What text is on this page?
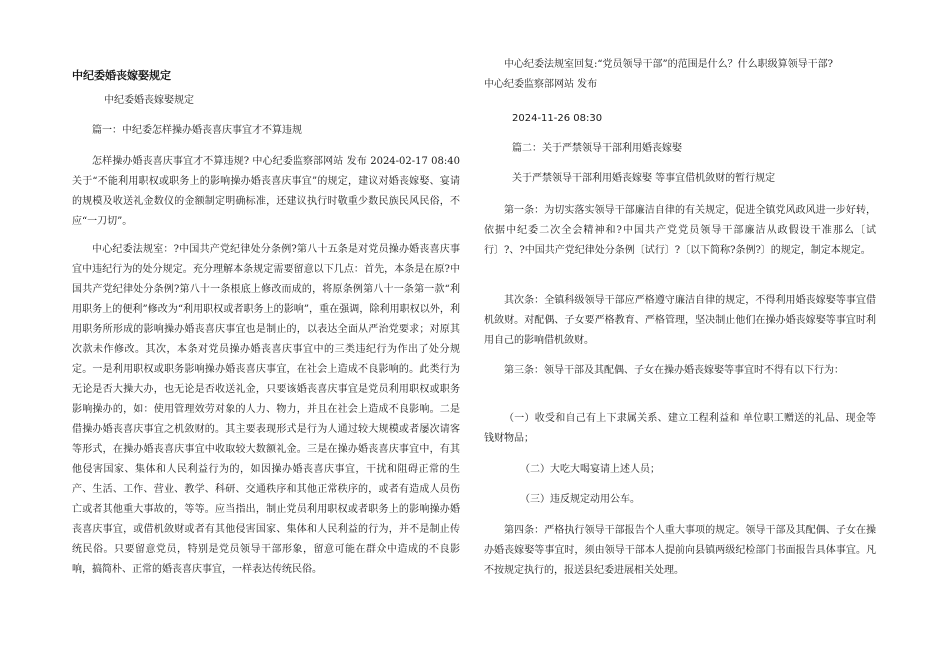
中纪委婚丧嫁娶规定
中纪委婚丧嫁娶规定

篇一：中纪委怎样操办婚丧喜庆事宜才不算违规

怎样操办婚丧喜庆事宜才不算违规? 中心纪委监察部网站 发布 2024-02-17 08:40 关于“不能利用职权或职务上的影响操办婚丧喜庆事宜”的规定，建议对婚丧嫁娶、宴请的规模及收送礼金数仪的金额制定明确标准，还建议执行时敬重少数民族民风民俗，不应“一刀切”。

中心纪委法规室：?中国共产党纪律处分条例?第八十五条是对党员操办婚丧喜庆事宜中违纪行为的处分规定。充分理解本条规定需要留意以下几点：首先，本条是在原?中国共产党纪律处分条例?第八十一条根底上修改而成的，将原条例第八十一条第一款“利用职务上的便利”修改为“利用职权或者职务上的影响”，重在强调，除利用职权以外，利用职务所形成的影响操办婚丧喜庆事宜也是制止的，以表达全面从严治党要求；对原其次款未作修改。其次，本条对党员操办婚丧喜庆事宜中的三类违纪行为作出了处分规定。一是利用职权或职务影响操办婚丧喜庆事宜，在社会上造成不良影响的。此类行为无论是否大操大办，也无论是否收送礼金，只要该婚丧喜庆事宜是党员利用职权或职务影响操办的，如：使用管理效劳对象的人力、物力，并且在社会上造成不良影响。二是借操办婚丧喜庆事宜之机敛财的。其主要表现形式是行为人通过较大规模或者屡次请客等形式，在操办婚丧喜庆事宜中收取较大数额礼金。三是在操办婚丧喜庆事宜中，有其他侵害国家、集体和人民利益行为的，如因操办婚丧喜庆事宜，干扰和阻碍正常的生产、生活、工作、营业、教学、科研、交通秩序和其他正常秩序的，或者有造成人员伤亡或者其他重大事故的，等等。应当指出，制止党员利用职权或者职务上的影响操办婚丧喜庆事宜，或借机敛财或者有其他侵害国家、集体和人民利益的行为，并不是制止传统民俗。只要留意党员，特别是党员领导干部形象，留意可能在群众中造成的不良影响，搞简朴、正常的婚丧喜庆事宜，一样表达传统民俗。

中心纪委法规室回复:“党员领导干部”的范围是什么？什么职级算领导干部?

中心纪委监察部网站 发布

2024-11-26 08:30

篇二：关于严禁领导干部利用婚丧嫁娶

关于严禁领导干部利用婚丧嫁娶 等事宜借机敛财的暂行规定

第一条：为切实落实领导干部廉洁自律的有关规定，促进全镇党风政风进一步好转，依据中纪委二次全会精神和?中国共产党党员领导干部廉洁从政假设干准那么〔试行〕?、?中国共产党纪律处分条例〔试行〕?〔以下简称?条例?〕的规定，制定本规定。

其次条：全镇科级领导干部应严格遵守廉洁自律的规定，不得利用婚丧嫁娶等事宜借机敛财。对配偶、子女要严格教育、严格管理，坚决制止他们在操办婚丧嫁娶等事宜时利用自己的影响借机敛财。

第三条：领导干部及其配偶、子女在操办婚丧嫁娶等事宜时不得有以下行为：

（一）收受和自己有上下隶属关系、建立工程利益和 单位职工赠送的礼品、现金等钱财物品；

（二）大吃大喝宴请上述人员；

（三）违反规定动用公车。

第四条：严格执行领导干部报告个人重大事项的规定。领导干部及其配偶、子女在操办婚丧嫁娶等事宜时，须由领导干部本人提前向县镇两级纪检部门书面报告具体事宜。凡不按规定执行的，报送县纪委进展相关处理。
